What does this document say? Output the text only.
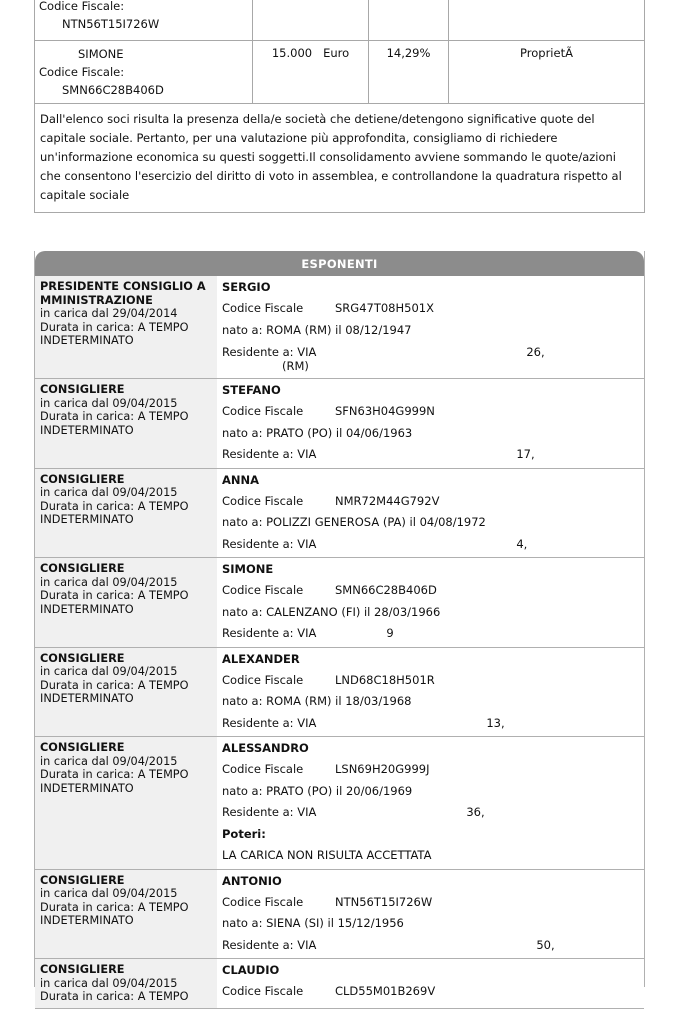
Codice Fiscale:
NTN56T15I726W
SIMONE
Codice Fiscale:
SMN66C28B406D
15.000   Euro	14,29%	ProprietÃ
Dall'elenco soci risulta la presenza della/e società che detiene/detengono significative quote del capitale sociale. Pertanto, per una valutazione più approfondita, consigliamo di richiedere un'informazione economica su questi soggetti.Il consolidamento avviene sommando le quote/azioni che consentono l'esercizio del diritto di voto in assemblea, e controllandone la quadratura rispetto al capitale sociale
ESPONENTI
PRESIDENTE CONSIGLIO A MMINISTRAZIONE
in carica dal 29/04/2014
Durata in carica: A TEMPO INDETERMINATO
SERGIO
Codice Fiscale	SRG47T08H501X
nato a: ROMA (RM) il 08/12/1947
Residente a: VIA	26,
(RM)
CONSIGLIERE
in carica dal 09/04/2015
Durata in carica: A TEMPO INDETERMINATO
STEFANO
Codice Fiscale	SFN63H04G999N
nato a: PRATO (PO) il 04/06/1963
Residente a: VIA	17,
CONSIGLIERE
in carica dal 09/04/2015
Durata in carica: A TEMPO INDETERMINATO
ANNA
Codice Fiscale	NMR72M44G792V
nato a: POLIZZI GENEROSA (PA) il 04/08/1972
Residente a: VIA	4,
CONSIGLIERE
in carica dal 09/04/2015
Durata in carica: A TEMPO INDETERMINATO
SIMONE
Codice Fiscale	SMN66C28B406D
nato a: CALENZANO (FI) il 28/03/1966
Residente a: VIA	9
CONSIGLIERE
in carica dal 09/04/2015
Durata in carica: A TEMPO INDETERMINATO
ALEXANDER
Codice Fiscale	LND68C18H501R
nato a: ROMA (RM) il 18/03/1968
Residente a: VIA	13,
CONSIGLIERE
in carica dal 09/04/2015
Durata in carica: A TEMPO INDETERMINATO
ALESSANDRO
Codice Fiscale	LSN69H20G999J
nato a: PRATO (PO) il 20/06/1969
Residente a: VIA	36,
Poteri:
LA CARICA NON RISULTA ACCETTATA
CONSIGLIERE
in carica dal 09/04/2015
Durata in carica: A TEMPO INDETERMINATO
ANTONIO
Codice Fiscale	NTN56T15I726W
nato a: SIENA (SI) il 15/12/1956
Residente a: VIA	50,
CONSIGLIERE
in carica dal 09/04/2015
Durata in carica: A TEMPO
CLAUDIO
Codice Fiscale	CLD55M01B269V
